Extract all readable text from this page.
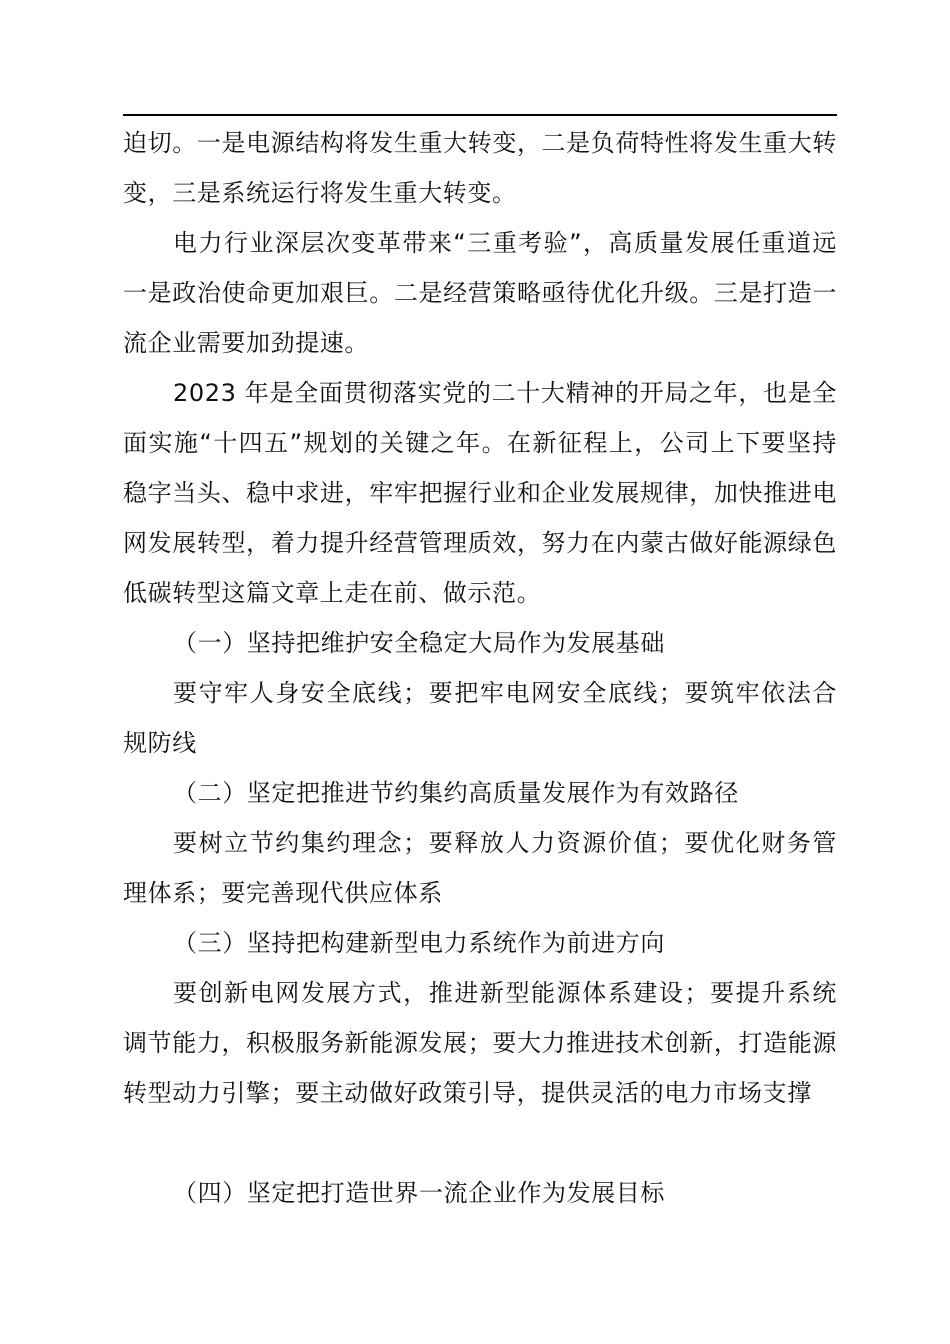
迫切。一是电源结构将发生重大转变，二是负荷特性将发生重大转变，三是系统运行将发生重大转变。

电力行业深层次变革带来“三重考验”，高质量发展任重道远一是政治使命更加艰巨。二是经营策略亟待优化升级。三是打造一流企业需要加劲提速。

2023 年是全面贯彻落实党的二十大精神的开局之年，也是全面实施“十四五”规划的关键之年。在新征程上，公司上下要坚持稳字当头、稳中求进，牢牢把握行业和企业发展规律，加快推进电网发展转型，着力提升经营管理质效，努力在内蒙古做好能源绿色低碳转型这篇文章上走在前、做示范。

（一）坚持把维护安全稳定大局作为发展基础

要守牢人身安全底线；要把牢电网安全底线；要筑牢依法合规防线

（二）坚定把推进节约集约高质量发展作为有效路径

要树立节约集约理念；要释放人力资源价值；要优化财务管理体系；要完善现代供应体系

（三）坚持把构建新型电力系统作为前进方向

要创新电网发展方式，推进新型能源体系建设；要提升系统调节能力，积极服务新能源发展；要大力推进技术创新，打造能源转型动力引擎；要主动做好政策引导，提供灵活的电力市场支撑

（四）坚定把打造世界一流企业作为发展目标
